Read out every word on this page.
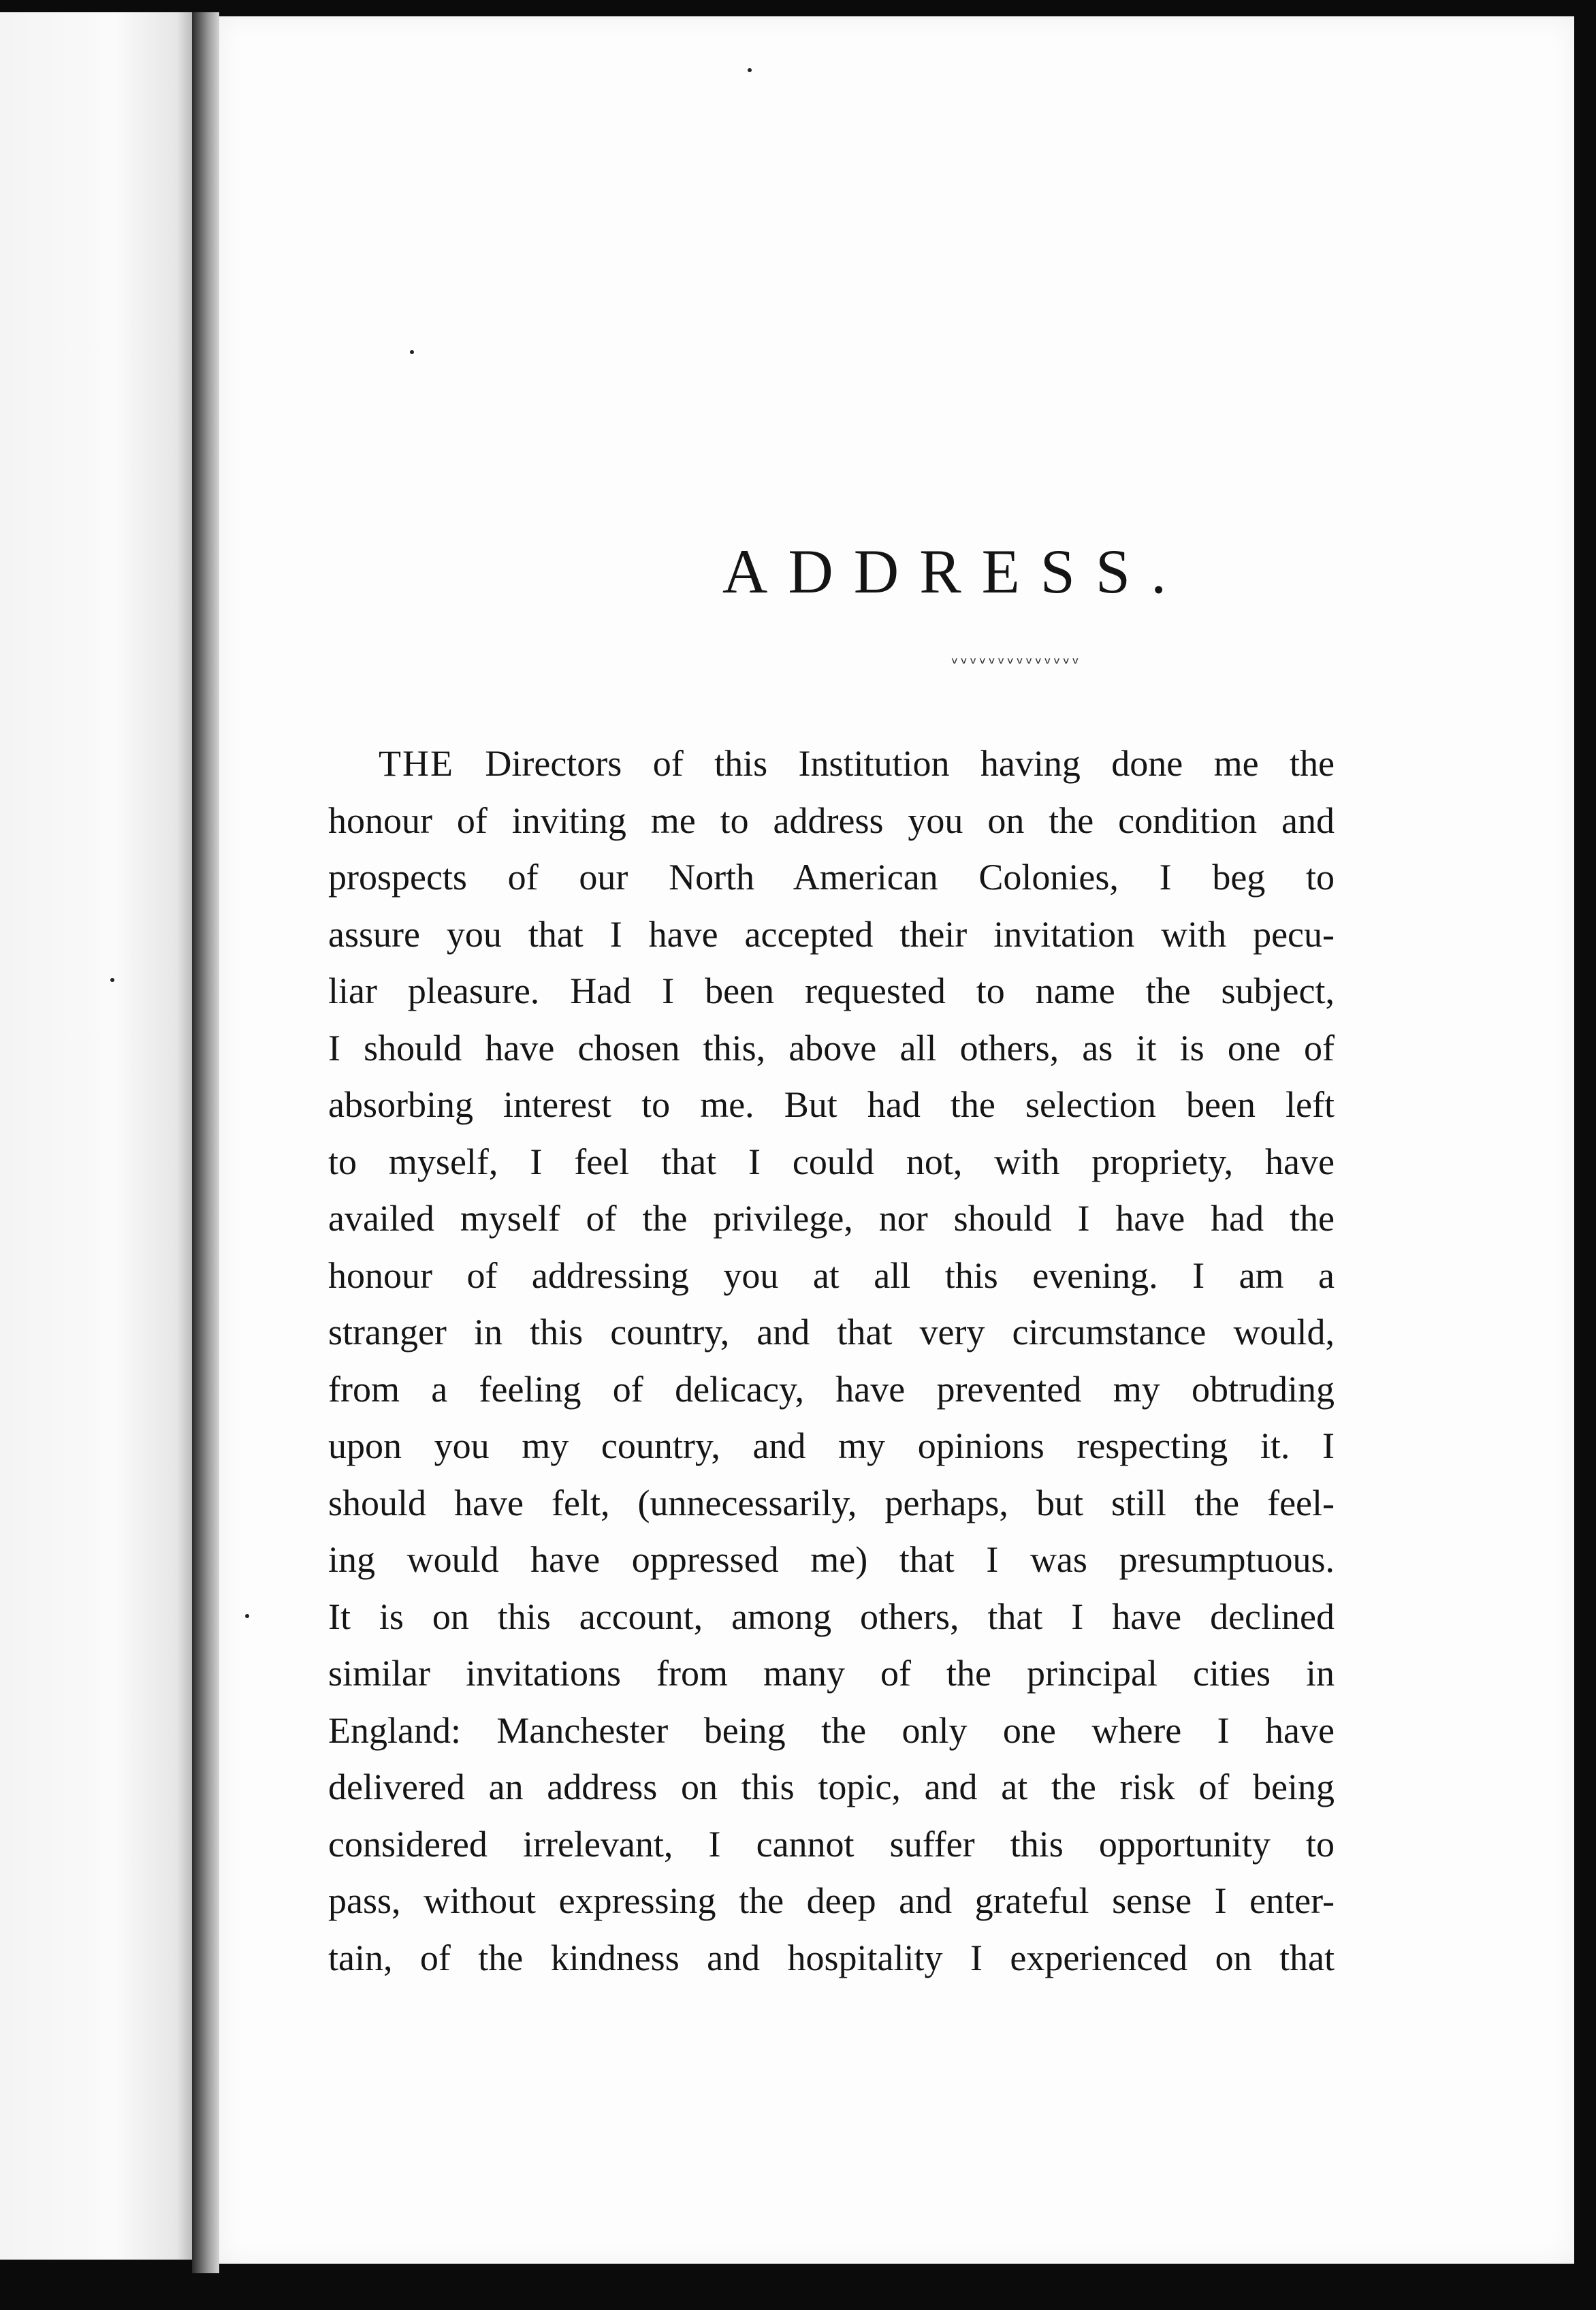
ADDRESS.
ᵛᵛᵛᵛᵛᵛᵛᵛᵛᵛᵛᵛᵛᵛ
THE Directors of this Institution having done me the
honour of inviting me to address you on the condition and
prospects of our North American Colonies, I beg to
assure you that I have accepted their invitation with pecu-
liar pleasure. Had I been requested to name the subject,
I should have chosen this, above all others, as it is one of
absorbing interest to me. But had the selection been left
to myself, I feel that I could not, with propriety, have
availed myself of the privilege, nor should I have had the
honour of addressing you at all this evening. I am a
stranger in this country, and that very circumstance would,
from a feeling of delicacy, have prevented my obtruding
upon you my country, and my opinions respecting it. I
should have felt, (unnecessarily, perhaps, but still the feel-
ing would have oppressed me) that I was presumptuous.
It is on this account, among others, that I have declined
similar invitations from many of the principal cities in
England: Manchester being the only one where I have
delivered an address on this topic, and at the risk of being
considered irrelevant, I cannot suffer this opportunity to
pass, without expressing the deep and grateful sense I enter-
tain, of the kindness and hospitality I experienced on that
